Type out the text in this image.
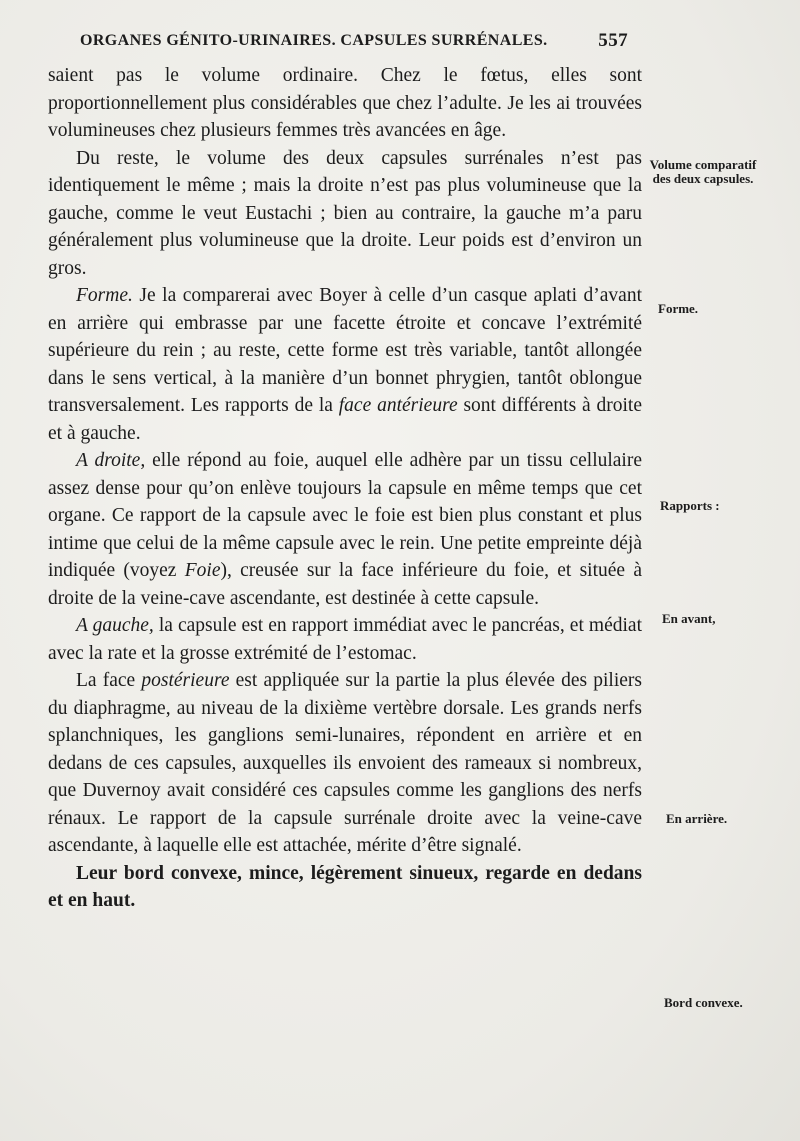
ORGANES GÉNITO-URINAIRES. CAPSULES SURRÉNALES.	557

saient pas le volume ordinaire. Chez le fœtus, elles sont proportionnellement plus considérables que chez l’adulte. Je les ai trouvées volumineuses chez plusieurs femmes très avancées en âge.

Du reste, le volume des deux capsules surrénales n’est pas identiquement le même ; mais la droite n’est pas plus volumineuse que la gauche, comme le veut Eustachi ; bien au contraire, la gauche m’a paru généralement plus volumineuse que la droite. Leur poids est d’environ un gros.

Forme. Je la comparerai avec Boyer à celle d’un casque aplati d’avant en arrière qui embrasse par une facette étroite et concave l’extrémité supérieure du rein ; au reste, cette forme est très variable, tantôt allongée dans le sens vertical, à la manière d’un bonnet phrygien, tantôt oblongue transversalement. Les rapports de la face antérieure sont différents à droite et à gauche.

A droite, elle répond au foie, auquel elle adhère par un tissu cellulaire assez dense pour qu’on enlève toujours la capsule en même temps que cet organe. Ce rapport de la capsule avec le foie est bien plus constant et plus intime que celui de la même capsule avec le rein. Une petite empreinte déjà indiquée (voyez Foie), creusée sur la face inférieure du foie, et située à droite de la veine-cave ascendante, est destinée à cette capsule.

A gauche, la capsule est en rapport immédiat avec le pancréas, et médiat avec la rate et la grosse extrémité de l’estomac.

La face postérieure est appliquée sur la partie la plus élevée des piliers du diaphragme, au niveau de la dixième vertèbre dorsale. Les grands nerfs splanchniques, les ganglions semi-lunaires, répondent en arrière et en dedans de ces capsules, auxquelles ils envoient des rameaux si nombreux, que Duvernoy avait considéré ces capsules comme les ganglions des nerfs rénaux. Le rapport de la capsule surrénale droite avec la veine-cave ascendante, à laquelle elle est attachée, mérite d’être signalé.

Leur bord convexe, mince, légèrement sinueux, regarde en dedans et en haut.

Volume comparatif des deux capsules.
Forme.
Rapports :
En avant,
En arrière.
Bord convexe.
